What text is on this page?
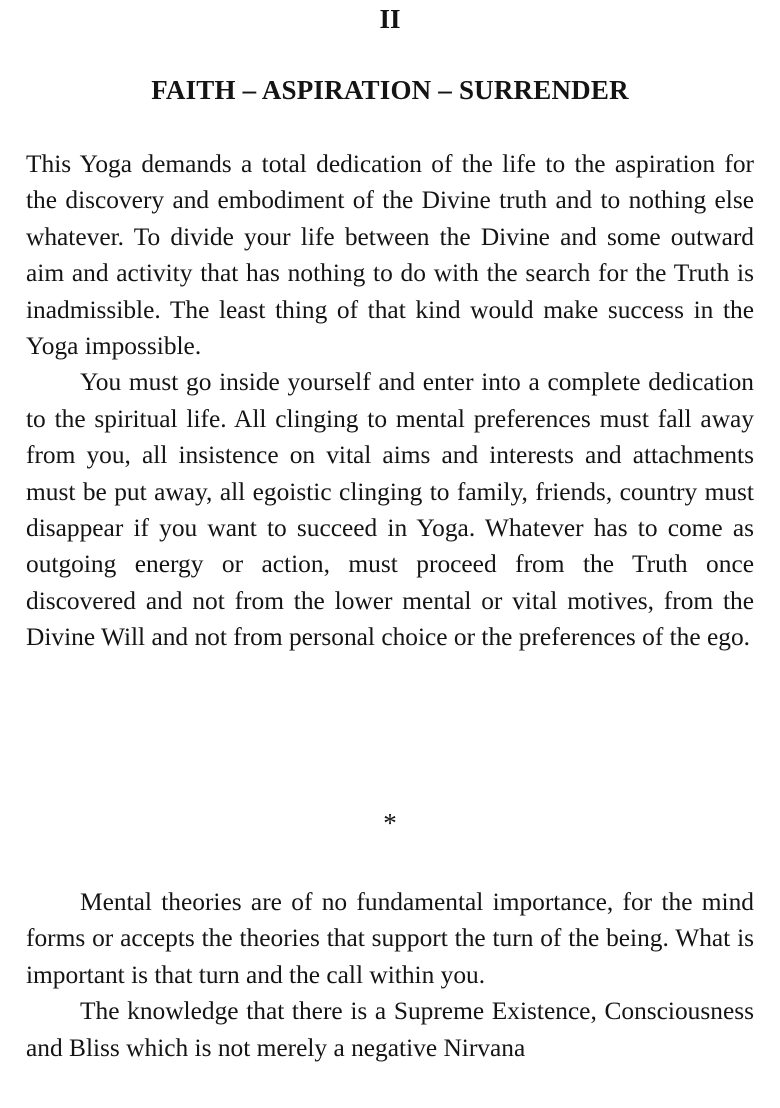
II
FAITH – ASPIRATION – SURRENDER

This Yoga demands a total dedication of the life to the aspiration for the discovery and embodiment of the Divine truth and to nothing else whatever. To divide your life between the Divine and some outward aim and activity that has nothing to do with the search for the Truth is inadmissible. The least thing of that kind would make success in the Yoga impossible.

You must go inside yourself and enter into a complete dedication to the spiritual life. All clinging to mental preferences must fall away from you, all insistence on vital aims and interests and attachments must be put away, all egoistic clinging to family, friends, country must disappear if you want to succeed in Yoga. Whatever has to come as outgoing energy or action, must proceed from the Truth once discovered and not from the lower mental or vital motives, from the Divine Will and not from personal choice or the preferences of the ego.

*

Mental theories are of no fundamental importance, for the mind forms or accepts the theories that support the turn of the being. What is important is that turn and the call within you.

The knowledge that there is a Supreme Existence, Consciousness and Bliss which is not merely a negative Nirvana
